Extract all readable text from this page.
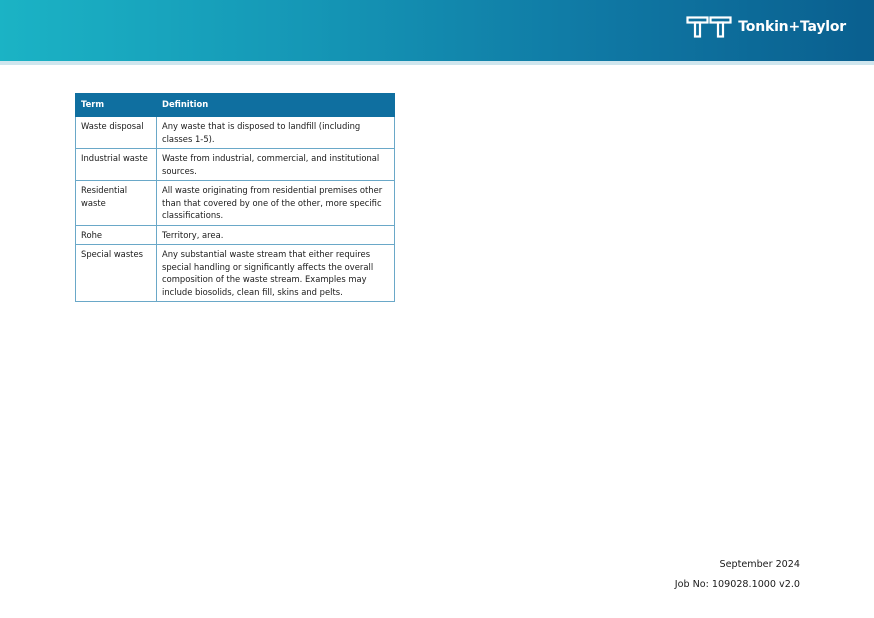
Tonkin+Taylor
Term	Definition
Waste disposal	Any waste that is disposed to landfill (including classes 1-5).
Industrial waste	Waste from industrial, commercial, and institutional sources.
Residential waste	All waste originating from residential premises other than that covered by one of the other, more specific classifications.
Rohe	Territory, area.
Special wastes	Any substantial waste stream that either requires special handling or significantly affects the overall composition of the waste stream. Examples may include biosolids, clean fill, skins and pelts.
September 2024
Job No: 109028.1000 v2.0
